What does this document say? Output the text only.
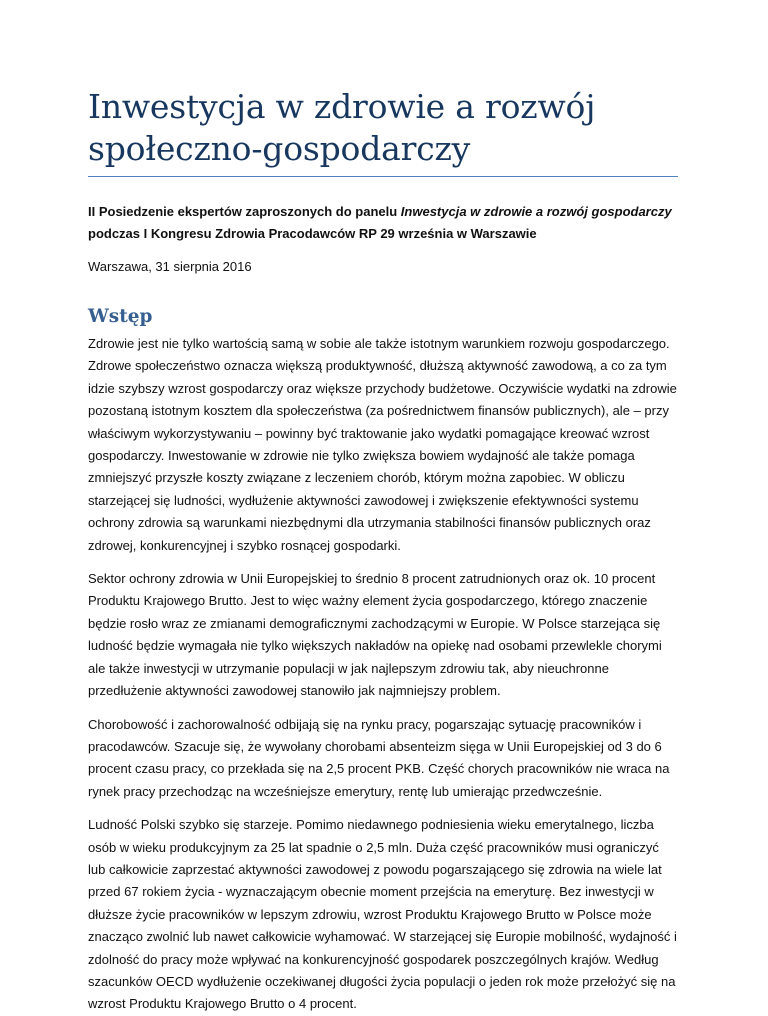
Inwestycja w zdrowie a rozwój społeczno-gospodarczy

II Posiedzenie ekspertów zaproszonych do panelu Inwestycja w zdrowie a rozwój gospodarczy podczas I Kongresu Zdrowia Pracodawców RP 29 września w Warszawie

Warszawa, 31 sierpnia 2016

Wstęp

Zdrowie jest nie tylko wartością samą w sobie ale także istotnym warunkiem rozwoju gospodarczego. Zdrowe społeczeństwo oznacza większą produktywność, dłuższą aktywność zawodową, a co za tym idzie szybszy wzrost gospodarczy oraz większe przychody budżetowe. Oczywiście wydatki na zdrowie pozostaną istotnym kosztem dla społeczeństwa (za pośrednictwem finansów publicznych), ale – przy właściwym wykorzystywaniu – powinny być traktowanie jako wydatki pomagające kreować wzrost gospodarczy. Inwestowanie w zdrowie nie tylko zwiększa bowiem wydajność ale także pomaga zmniejszyć przyszłe koszty związane z leczeniem chorób, którym można zapobiec. W obliczu starzejącej się ludności, wydłużenie aktywności zawodowej i zwiększenie efektywności systemu ochrony zdrowia są warunkami niezbędnymi dla utrzymania stabilności finansów publicznych oraz zdrowej, konkurencyjnej i szybko rosnącej gospodarki.

Sektor ochrony zdrowia w Unii Europejskiej to średnio 8 procent zatrudnionych oraz ok. 10 procent Produktu Krajowego Brutto. Jest to więc ważny element życia gospodarczego, którego znaczenie będzie rosło wraz ze zmianami demograficznymi zachodzącymi w Europie. W Polsce starzejąca się ludność będzie wymagała nie tylko większych nakładów na opiekę nad osobami przewlekle chorymi ale także inwestycji w utrzymanie populacji w jak najlepszym zdrowiu tak, aby nieuchronne przedłużenie aktywności zawodowej stanowiło jak najmniejszy problem.

Chorobowość i zachorowalność odbijają się na rynku pracy, pogarszając sytuację pracowników i pracodawców. Szacuje się, że wywołany chorobami absenteizm sięga w Unii Europejskiej od 3 do 6 procent czasu pracy, co przekłada się na 2,5 procent PKB. Część chorych pracowników nie wraca na rynek pracy przechodząc na wcześniejsze emerytury, rentę lub umierając przedwcześnie.

Ludność Polski szybko się starzeje. Pomimo niedawnego podniesienia wieku emerytalnego, liczba osób w wieku produkcyjnym za 25 lat spadnie o 2,5 mln. Duża część pracowników musi ograniczyć lub całkowicie zaprzestać aktywności zawodowej z powodu pogarszającego się zdrowia na wiele lat przed 67 rokiem życia - wyznaczającym obecnie moment przejścia na emeryturę. Bez inwestycji w dłuższe życie pracowników w lepszym zdrowiu, wzrost Produktu Krajowego Brutto w Polsce może znacząco zwolnić lub nawet całkowicie wyhamować. W starzejącej się Europie mobilność, wydajność i zdolność do pracy może wpływać na konkurencyjność gospodarek poszczególnych krajów. Według szacunków OECD wydłużenie oczekiwanej długości życia populacji o jeden rok może przełożyć się na wzrost Produktu Krajowego Brutto o 4 procent.
